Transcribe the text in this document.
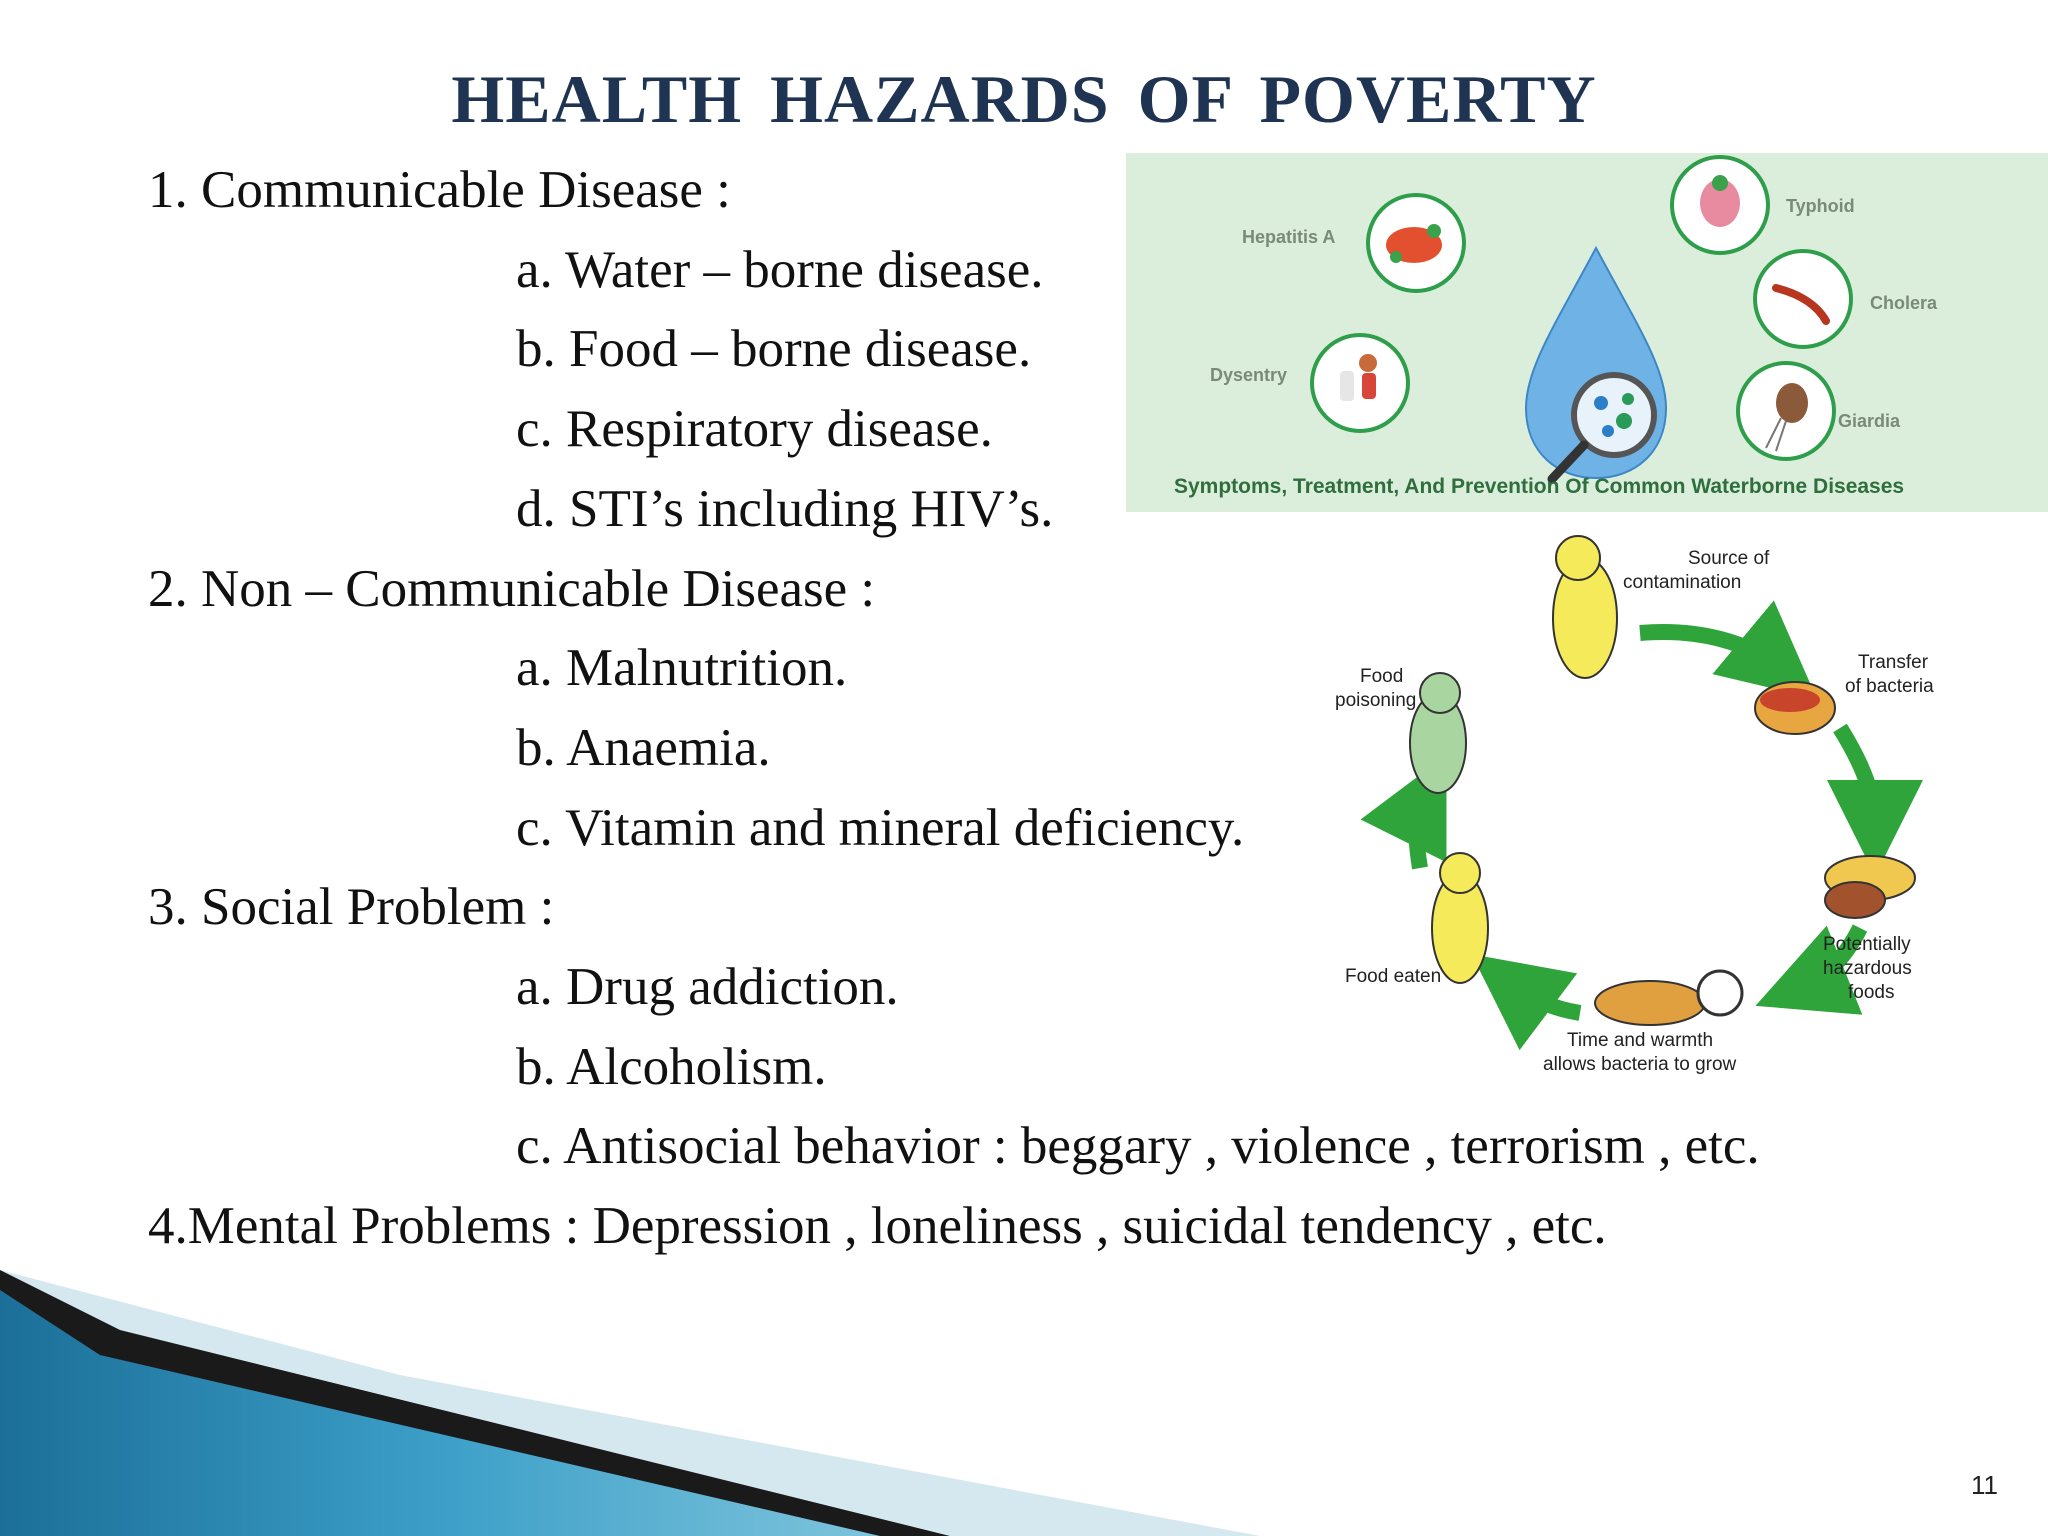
HEALTH HAZARDS OF POVERTY
1. Communicable Disease :
a. Water – borne disease.
b. Food – borne disease.
c. Respiratory disease.
d. STI’s including HIV’s.
2. Non – Communicable Disease :
a. Malnutrition.
b. Anaemia.
c. Vitamin and mineral deficiency.
3. Social Problem :
a. Drug addiction.
b. Alcoholism.
c. Antisocial behavior : beggary , violence , terrorism , etc.
4.Mental Problems : Depression , loneliness , suicidal tendency , etc.
Hepatitis A
Typhoid
Cholera
Dysentry
Giardia
Symptoms, Treatment, And Prevention Of Common Waterborne Diseases
Source of
contamination
Transfer
of bacteria
Potentially
hazardous
foods
Time and warmth
allows bacteria to grow
Food eaten
Food
poisoning
11
